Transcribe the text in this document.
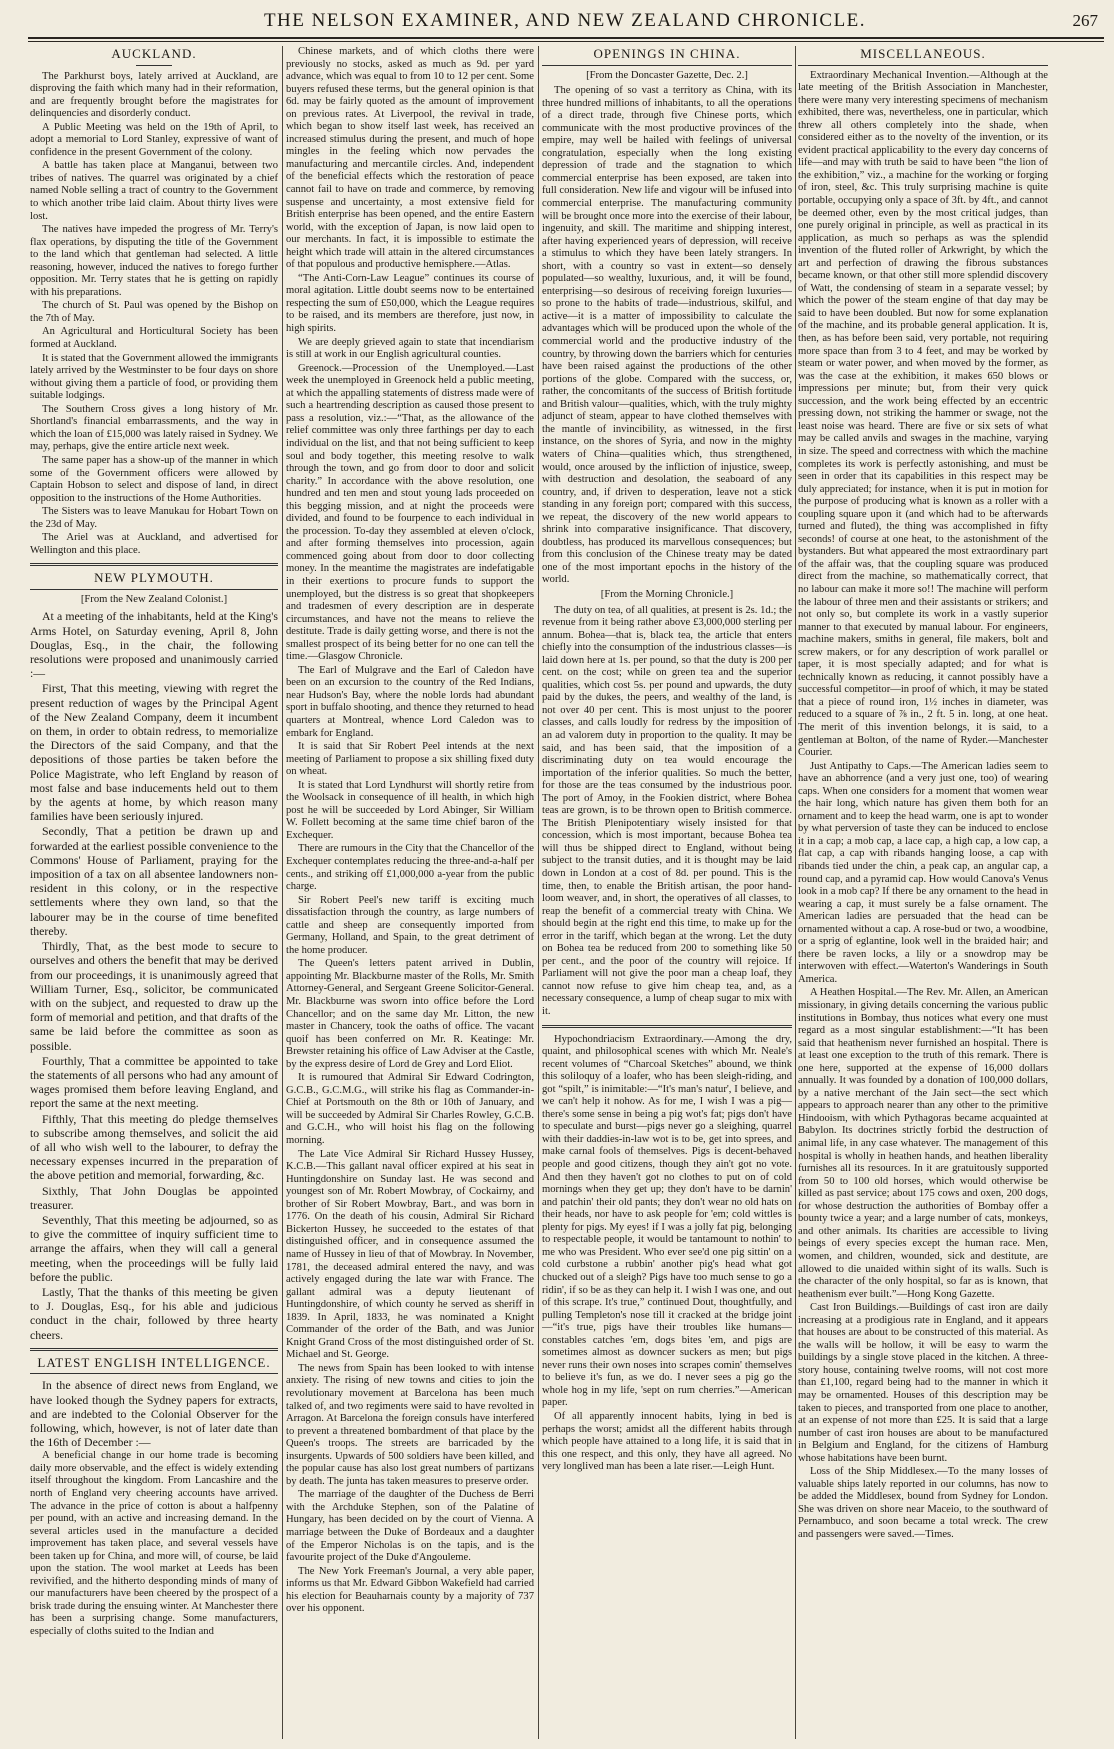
THE NELSON EXAMINER, AND NEW ZEALAND CHRONICLE.	267
AUCKLAND.

The Parkhurst boys, lately arrived at Auckland, are disproving the faith which many had in their reformation, and are frequently brought before the magistrates for delinquencies and disorderly conduct.

A Public Meeting was held on the 19th of April, to adopt a memorial to Lord Stanley, expressive of want of confidence in the present Government of the colony.

A battle has taken place at Manganui, between two tribes of natives. The quarrel was originated by a chief named Noble selling a tract of country to the Government to which another tribe laid claim. About thirty lives were lost.

The natives have impeded the progress of Mr. Terry's flax operations, by disputing the title of the Government to the land which that gentleman had selected. A little reasoning, however, induced the natives to forego further opposition. Mr. Terry states that he is getting on rapidly with his preparations.

The church of St. Paul was opened by the Bishop on the 7th of May.

An Agricultural and Horticultural Society has been formed at Auckland.

It is stated that the Government allowed the immigrants lately arrived by the Westminster to be four days on shore without giving them a particle of food, or providing them suitable lodgings.

The Southern Cross gives a long history of Mr. Shortland's financial embarrassments, and the way in which the loan of £15,000 was lately raised in Sydney. We may, perhaps, give the entire article next week.

The same paper has a show-up of the manner in which some of the Government officers were allowed by Captain Hobson to select and dispose of land, in direct opposition to the instructions of the Home Authorities.

The Sisters was to leave Manukau for Hobart Town on the 23d of May.

The Ariel was at Auckland, and advertised for Wellington and this place.

NEW PLYMOUTH.

[From the New Zealand Colonist.]

At a meeting of the inhabitants, held at the King's Arms Hotel, on Saturday evening, April 8, John Douglas, Esq., in the chair, the following resolutions were proposed and unanimously carried :—

First, That this meeting, viewing with regret the present reduction of wages by the Principal Agent of the New Zealand Company, deem it incumbent on them, in order to obtain redress, to memorialize the Directors of the said Company, and that the depositions of those parties be taken before the Police Magistrate, who left England by reason of most false and base inducements held out to them by the agents at home, by which reason many families have been seriously injured.

Secondly, That a petition be drawn up and forwarded at the earliest possible convenience to the Commons' House of Parliament, praying for the imposition of a tax on all absentee landowners non-resident in this colony, or in the respective settlements where they own land, so that the labourer may be in the course of time benefited thereby.

Thirdly, That, as the best mode to secure to ourselves and others the benefit that may be derived from our proceedings, it is unanimously agreed that William Turner, Esq., solicitor, be communicated with on the subject, and requested to draw up the form of memorial and petition, and that drafts of the same be laid before the committee as soon as possible.

Fourthly, That a committee be appointed to take the statements of all persons who had any amount of wages promised them before leaving England, and report the same at the next meeting.

Fifthly, That this meeting do pledge themselves to subscribe among themselves, and solicit the aid of all who wish well to the labourer, to defray the necessary expenses incurred in the preparation of the above petition and memorial, forwarding, &c.

Sixthly, That John Douglas be appointed treasurer.

Seventhly, That this meeting be adjourned, so as to give the committee of inquiry sufficient time to arrange the affairs, when they will call a general meeting, when the proceedings will be fully laid before the public.

Lastly, That the thanks of this meeting be given to J. Douglas, Esq., for his able and judicious conduct in the chair, followed by three hearty cheers.

LATEST ENGLISH INTELLIGENCE.

In the absence of direct news from England, we have looked though the Sydney papers for extracts, and are indebted to the Colonial Observer for the following, which, however, is not of later date than the 16th of December :—

A beneficial change in our home trade is becoming daily more observable, and the effect is widely extending itself throughout the kingdom. From Lancashire and the north of England very cheering accounts have arrived. The advance in the price of cotton is about a halfpenny per pound, with an active and increasing demand. In the several articles used in the manufacture a decided improvement has taken place, and several vessels have been taken up for China, and more will, of course, be laid upon the station. The wool market at Leeds has been revivified, and the hitherto desponding minds of many of our manufacturers have been cheered by the prospect of a brisk trade during the ensuing winter. At Manchester there has been a surprising change. Some manufacturers, especially of cloths suited to the Indian and

Chinese markets, and of which cloths there were previously no stocks, asked as much as 9d. per yard advance, which was equal to from 10 to 12 per cent. Some buyers refused these terms, but the general opinion is that 6d. may be fairly quoted as the amount of improvement on previous rates. At Liverpool, the revival in trade, which began to show itself last week, has received an increased stimulus during the present, and much of hope mingles in the feeling which now pervades the manufacturing and mercantile circles. And, independent of the beneficial effects which the restoration of peace cannot fail to have on trade and commerce, by removing suspense and uncertainty, a most extensive field for British enterprise has been opened, and the entire Eastern world, with the exception of Japan, is now laid open to our merchants. In fact, it is impossible to estimate the height which trade will attain in the altered circumstances of that populous and productive hemisphere.—Atlas.

“The Anti-Corn-Law League” continues its course of moral agitation. Little doubt seems now to be entertained respecting the sum of £50,000, which the League requires to be raised, and its members are therefore, just now, in high spirits.

We are deeply grieved again to state that incendiarism is still at work in our English agricultural counties.

Greenock.—Procession of the Unemployed.—Last week the unemployed in Greenock held a public meeting, at which the appalling statements of distress made were of such a heartrending description as caused those present to pass a resolution, viz.:—“That, as the allowance of the relief committee was only three farthings per day to each individual on the list, and that not being sufficient to keep soul and body together, this meeting resolve to walk through the town, and go from door to door and solicit charity.” In accordance with the above resolution, one hundred and ten men and stout young lads proceeded on this begging mission, and at night the proceeds were divided, and found to be fourpence to each individual in the procession. To-day they assembled at eleven o'clock, and after forming themselves into procession, again commenced going about from door to door collecting money. In the meantime the magistrates are indefatigable in their exertions to procure funds to support the unemployed, but the distress is so great that shopkeepers and tradesmen of every description are in desperate circumstances, and have not the means to relieve the destitute. Trade is daily getting worse, and there is not the smallest prospect of its being better for no one can tell the time.—Glasgow Chronicle.

The Earl of Mulgrave and the Earl of Caledon have been on an excursion to the country of the Red Indians, near Hudson's Bay, where the noble lords had abundant sport in buffalo shooting, and thence they returned to head quarters at Montreal, whence Lord Caledon was to embark for England.

It is said that Sir Robert Peel intends at the next meeting of Parliament to propose a six shilling fixed duty on wheat.

It is stated that Lord Lyndhurst will shortly retire from the Woolsack in consequence of ill health, in which high post he will be succeeded by Lord Abinger, Sir William W. Follett becoming at the same time chief baron of the Exchequer.

There are rumours in the City that the Chancellor of the Exchequer contemplates reducing the three-and-a-half per cents., and striking off £1,000,000 a-year from the public charge.

Sir Robert Peel's new tariff is exciting much dissatisfaction through the country, as large numbers of cattle and sheep are consequently imported from Germany, Holland, and Spain, to the great detriment of the home producer.

The Queen's letters patent arrived in Dublin, appointing Mr. Blackburne master of the Rolls, Mr. Smith Attorney-General, and Sergeant Greene Solicitor-General. Mr. Blackburne was sworn into office before the Lord Chancellor; and on the same day Mr. Litton, the new master in Chancery, took the oaths of office. The vacant quoif has been conferred on Mr. R. Keatinge: Mr. Brewster retaining his office of Law Adviser at the Castle, by the express desire of Lord de Grey and Lord Eliot.

It is rumoured that Admiral Sir Edward Codrington, G.C.B., G.C.M.G., will strike his flag as Commander-in-Chief at Portsmouth on the 8th or 10th of January, and will be succeeded by Admiral Sir Charles Rowley, G.C.B. and G.C.H., who will hoist his flag on the following morning.

The Late Vice Admiral Sir Richard Hussey Hussey, K.C.B.—This gallant naval officer expired at his seat in Huntingdonshire on Sunday last. He was second and youngest son of Mr. Robert Mowbray, of Cockairny, and brother of Sir Robert Mowbray, Bart., and was born in 1776. On the death of his cousin, Admiral Sir Richard Bickerton Hussey, he succeeded to the estates of that distinguished officer, and in consequence assumed the name of Hussey in lieu of that of Mowbray. In November, 1781, the deceased admiral entered the navy, and was actively engaged during the late war with France. The gallant admiral was a deputy lieutenant of Huntingdonshire, of which county he served as sheriff in 1839. In April, 1833, he was nominated a Knight Commander of the order of the Bath, and was Junior Knight Grand Cross of the most distinguished order of St. Michael and St. George.

The news from Spain has been looked to with intense anxiety. The rising of new towns and cities to join the revolutionary movement at Barcelona has been much talked of, and two regiments were said to have revolted in Arragon. At Barcelona the foreign consuls have interfered to prevent a threatened bombardment of that place by the Queen's troops. The streets are barricaded by the insurgents. Upwards of 500 soldiers have been killed, and the popular cause has also lost great numbers of partizans by death. The junta has taken measures to preserve order.

The marriage of the daughter of the Duchess de Berri with the Archduke Stephen, son of the Palatine of Hungary, has been decided on by the court of Vienna. A marriage between the Duke of Bordeaux and a daughter of the Emperor Nicholas is on the tapis, and is the favourite project of the Duke d'Angouleme.

The New York Freeman's Journal, a very able paper, informs us that Mr. Edward Gibbon Wakefield had carried his election for Beauharnais county by a majority of 737 over his opponent.

OPENINGS IN CHINA.

[From the Doncaster Gazette, Dec. 2.]

The opening of so vast a territory as China, with its three hundred millions of inhabitants, to all the operations of a direct trade, through five Chinese ports, which communicate with the most productive provinces of the empire, may well be hailed with feelings of universal congratulation, especially when the long existing depression of trade and the stagnation to which commercial enterprise has been exposed, are taken into full consideration. New life and vigour will be infused into commercial enterprise. The manufacturing community will be brought once more into the exercise of their labour, ingenuity, and skill. The maritime and shipping interest, after having experienced years of depression, will receive a stimulus to which they have been lately strangers. In short, with a country so vast in extent—so densely populated—so wealthy, luxurious, and, it will be found, enterprising—so desirous of receiving foreign luxuries—so prone to the habits of trade—industrious, skilful, and active—it is a matter of impossibility to calculate the advantages which will be produced upon the whole of the commercial world and the productive industry of the country, by throwing down the barriers which for centuries have been raised against the productions of the other portions of the globe. Compared with the success, or, rather, the concomitants of the success of British fortitude and British valour—qualities, which, with the truly mighty adjunct of steam, appear to have clothed themselves with the mantle of invincibility, as witnessed, in the first instance, on the shores of Syria, and now in the mighty waters of China—qualities which, thus strengthened, would, once aroused by the infliction of injustice, sweep, with destruction and desolation, the seaboard of any country, and, if driven to desperation, leave not a stick standing in any foreign port; compared with this success, we repeat, the discovery of the new world appears to shrink into comparative insignificance. That discovery, doubtless, has produced its marvellous consequences; but from this conclusion of the Chinese treaty may be dated one of the most important epochs in the history of the world.

[From the Morning Chronicle.]

The duty on tea, of all qualities, at present is 2s. 1d.; the revenue from it being rather above £3,000,000 sterling per annum. Bohea—that is, black tea, the article that enters chiefly into the consumption of the industrious classes—is laid down here at 1s. per pound, so that the duty is 200 per cent. on the cost; while on green tea and the superior qualities, which cost 5s. per pound and upwards, the duty paid by the dukes, the peers, and wealthy of the land, is not over 40 per cent. This is most unjust to the poorer classes, and calls loudly for redress by the imposition of an ad valorem duty in proportion to the quality. It may be said, and has been said, that the imposition of a discriminating duty on tea would encourage the importation of the inferior qualities. So much the better, for those are the teas consumed by the industrious poor. The port of Amoy, in the Fookien district, where Bohea teas are grown, is to be thrown open to British commerce. The British Plenipotentiary wisely insisted for that concession, which is most important, because Bohea tea will thus be shipped direct to England, without being subject to the transit duties, and it is thought may be laid down in London at a cost of 8d. per pound. This is the time, then, to enable the British artisan, the poor hand-loom weaver, and, in short, the operatives of all classes, to reap the benefit of a commercial treaty with China. We should begin at the right end this time, to make up for the error in the tariff, which began at the wrong. Let the duty on Bohea tea be reduced from 200 to something like 50 per cent., and the poor of the country will rejoice. If Parliament will not give the poor man a cheap loaf, they cannot now refuse to give him cheap tea, and, as a necessary consequence, a lump of cheap sugar to mix with it.

Hypochondriacism Extraordinary.—Among the dry, quaint, and philosophical scenes with which Mr. Neale's recent volumes of “Charcoal Sketches” abound, we think this soliloquy of a loafer, who has been sleigh-riding, and got “spilt,” is inimitable:—“It's man's natur', I believe, and we can't help it nohow. As for me, I wish I was a pig—there's some sense in being a pig wot's fat; pigs don't have to speculate and burst—pigs never go a sleighing, quarrel with their daddies-in-law wot is to be, get into sprees, and make carnal fools of themselves. Pigs is decent-behaved people and good citizens, though they ain't got no vote. And then they haven't got no clothes to put on of cold mornings when they get up; they don't have to be darnin' and patchin' their old pants; they don't wear no old hats on their heads, nor have to ask people for 'em; cold wittles is plenty for pigs. My eyes! if I was a jolly fat pig, belonging to respectable people, it would be tantamount to nothin' to me who was President. Who ever see'd one pig sittin' on a cold curbstone a rubbin' another pig's head what got chucked out of a sleigh? Pigs have too much sense to go a ridin', if so be as they can help it. I wish I was one, and out of this scrape. It's true,” continued Dout, thoughtfully, and pulling Templeton's nose till it cracked at the bridge joint—“it's true, pigs have their troubles like humans—constables catches 'em, dogs bites 'em, and pigs are sometimes almost as downcer suckers as men; but pigs never runs their own noses into scrapes comin' themselves to believe it's fun, as we do. I never sees a pig go the whole hog in my life, 'sept on rum cherries.”—American paper.

Of all apparently innocent habits, lying in bed is perhaps the worst; amidst all the different habits through which people have attained to a long life, it is said that in this one respect, and this only, they have all agreed. No very longlived man has been a late riser.—Leigh Hunt.

MISCELLANEOUS.

Extraordinary Mechanical Invention.—Although at the late meeting of the British Association in Manchester, there were many very interesting specimens of mechanism exhibited, there was, nevertheless, one in particular, which threw all others completely into the shade, when considered either as to the novelty of the invention, or its evident practical applicability to the every day concerns of life—and may with truth be said to have been “the lion of the exhibition,” viz., a machine for the working or forging of iron, steel, &c. This truly surprising machine is quite portable, occupying only a space of 3ft. by 4ft., and cannot be deemed other, even by the most critical judges, than one purely original in principle, as well as practical in its application, as much so perhaps as was the splendid invention of the fluted roller of Arkwright, by which the art and perfection of drawing the fibrous substances became known, or that other still more splendid discovery of Watt, the condensing of steam in a separate vessel; by which the power of the steam engine of that day may be said to have been doubled. But now for some explanation of the machine, and its probable general application. It is, then, as has before been said, very portable, not requiring more space than from 3 to 4 feet, and may be worked by steam or water power, and when moved by the former, as was the case at the exhibition, it makes 650 blows or impressions per minute; but, from their very quick succession, and the work being effected by an eccentric pressing down, not striking the hammer or swage, not the least noise was heard. There are five or six sets of what may be called anvils and swages in the machine, varying in size. The speed and correctness with which the machine completes its work is perfectly astonishing, and must be seen in order that its capabilities in this respect may be duly appreciated; for instance, when it is put in motion for the purpose of producing what is known as a roller with a coupling square upon it (and which had to be afterwards turned and fluted), the thing was accomplished in fifty seconds! of course at one heat, to the astonishment of the bystanders. But what appeared the most extraordinary part of the affair was, that the coupling square was produced direct from the machine, so mathematically correct, that no labour can make it more so!! The machine will perform the labour of three men and their assistants or strikers; and not only so, but complete its work in a vastly superior manner to that executed by manual labour. For engineers, machine makers, smiths in general, file makers, bolt and screw makers, or for any description of work parallel or taper, it is most specially adapted; and for what is technically known as reducing, it cannot possibly have a successful competitor—in proof of which, it may be stated that a piece of round iron, 1½ inches in diameter, was reduced to a square of ⅞ in., 2 ft. 5 in. long, at one heat. The merit of this invention belongs, it is said, to a gentleman at Bolton, of the name of Ryder.—Manchester Courier.

Just Antipathy to Caps.—The American ladies seem to have an abhorrence (and a very just one, too) of wearing caps. When one considers for a moment that women wear the hair long, which nature has given them both for an ornament and to keep the head warm, one is apt to wonder by what perversion of taste they can be induced to enclose it in a cap; a mob cap, a lace cap, a high cap, a low cap, a flat cap, a cap with ribands hanging loose, a cap with ribands tied under the chin, a peak cap, an angular cap, a round cap, and a pyramid cap. How would Canova's Venus look in a mob cap? If there be any ornament to the head in wearing a cap, it must surely be a false ornament. The American ladies are persuaded that the head can be ornamented without a cap. A rose-bud or two, a woodbine, or a sprig of eglantine, look well in the braided hair; and there be raven locks, a lily or a snowdrop may be interwoven with effect.—Waterton's Wanderings in South America.

A Heathen Hospital.—The Rev. Mr. Allen, an American missionary, in giving details concerning the various public institutions in Bombay, thus notices what every one must regard as a most singular establishment:—“It has been said that heathenism never furnished an hospital. There is at least one exception to the truth of this remark. There is one here, supported at the expense of 16,000 dollars annually. It was founded by a donation of 100,000 dollars, by a native merchant of the Jain sect—the sect which appears to approach nearer than any other to the primitive Hindooism, with which Pythagoras became acquainted at Babylon. Its doctrines strictly forbid the destruction of animal life, in any case whatever. The management of this hospital is wholly in heathen hands, and heathen liberality furnishes all its resources. In it are gratuitously supported from 50 to 100 old horses, which would otherwise be killed as past service; about 175 cows and oxen, 200 dogs, for whose destruction the authorities of Bombay offer a bounty twice a year; and a large number of cats, monkeys, and other animals. Its charities are accessible to living beings of every species except the human race. Men, women, and children, wounded, sick and destitute, are allowed to die unaided within sight of its walls. Such is the character of the only hospital, so far as is known, that heathenism ever built.”—Hong Kong Gazette.

Cast Iron Buildings.—Buildings of cast iron are daily increasing at a prodigious rate in England, and it appears that houses are about to be constructed of this material. As the walls will be hollow, it will be easy to warm the buildings by a single stove placed in the kitchen. A three-story house, containing twelve rooms, will not cost more than £1,100, regard being had to the manner in which it may be ornamented. Houses of this description may be taken to pieces, and transported from one place to another, at an expense of not more than £25. It is said that a large number of cast iron houses are about to be manufactured in Belgium and England, for the citizens of Hamburg whose habitations have been burnt.

Loss of the Ship Middlesex.—To the many losses of valuable ships lately reported in our columns, has now to be added the Middlesex, bound from Sydney for London. She was driven on shore near Maceio, to the southward of Pernambuco, and soon became a total wreck. The crew and passengers were saved.—Times.
